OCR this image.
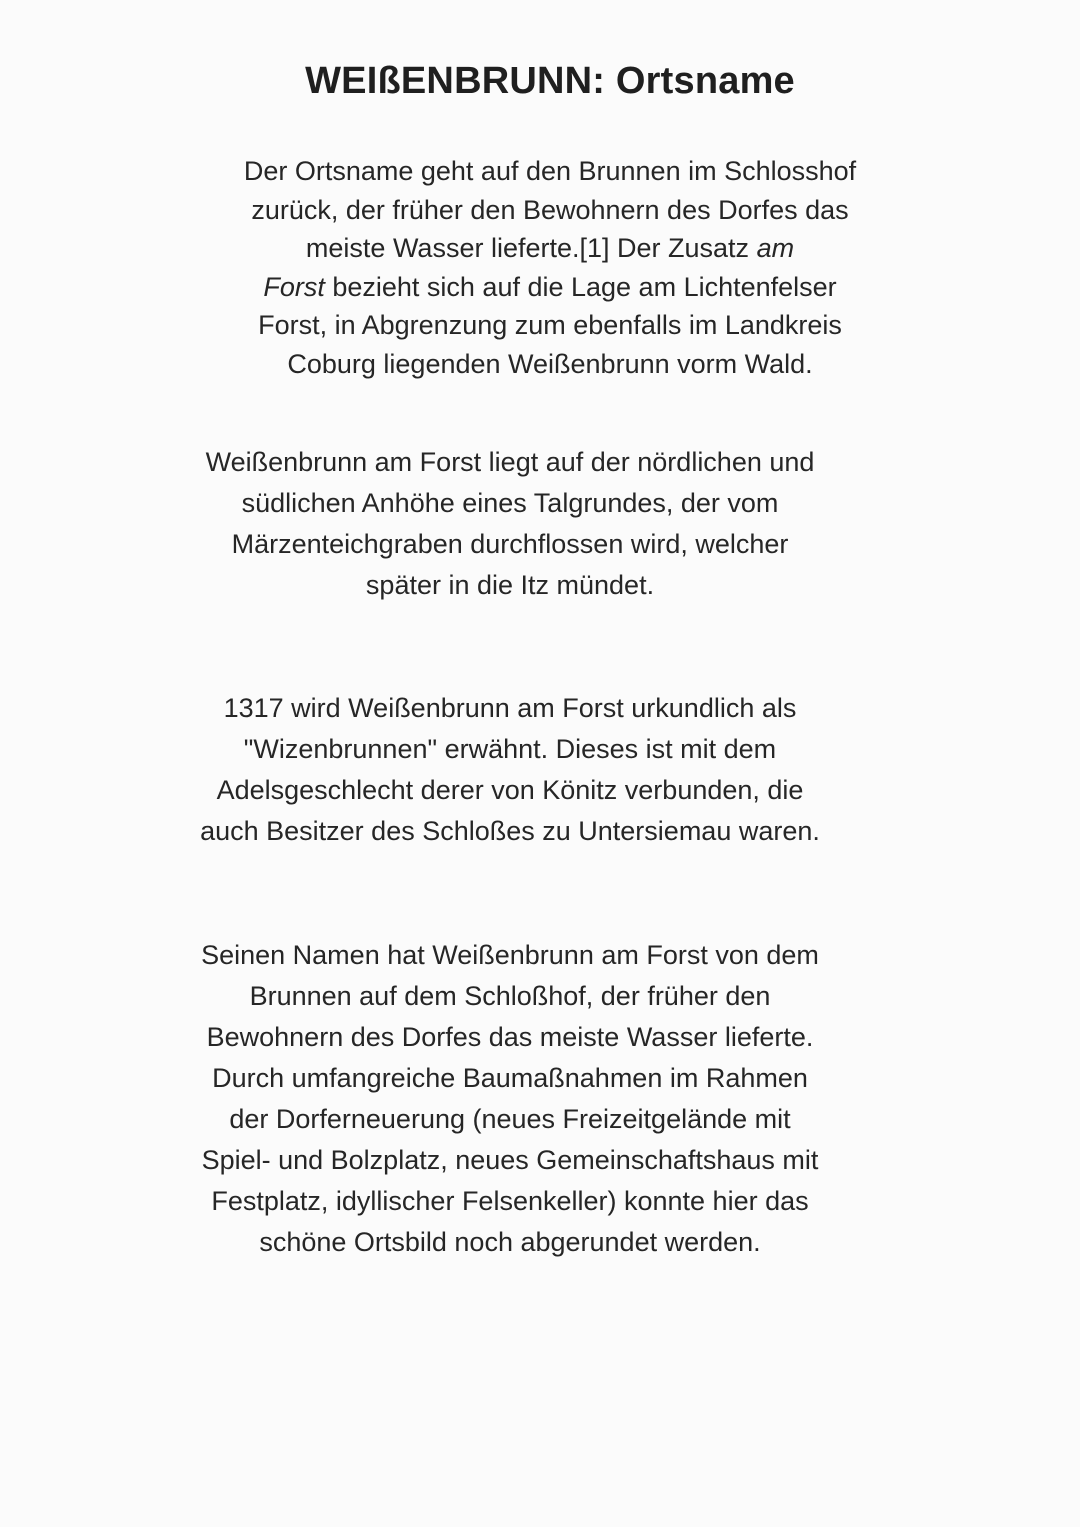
WEIßENBRUNN: Ortsname

Der Ortsname geht auf den Brunnen im Schlosshof
zurück, der früher den Bewohnern des Dorfes das
meiste Wasser lieferte.[1] Der Zusatz am
Forst bezieht sich auf die Lage am Lichtenfelser
Forst, in Abgrenzung zum ebenfalls im Landkreis
Coburg liegenden Weißenbrunn vorm Wald.

Weißenbrunn am Forst liegt auf der nördlichen und
südlichen Anhöhe eines Talgrundes, der vom
Märzenteichgraben durchflossen wird, welcher
später in die Itz mündet.

1317 wird Weißenbrunn am Forst urkundlich als
"Wizenbrunnen" erwähnt. Dieses ist mit dem
Adelsgeschlecht derer von Könitz verbunden, die
auch Besitzer des Schloßes zu Untersiemau waren.

Seinen Namen hat Weißenbrunn am Forst von dem
Brunnen auf dem Schloßhof, der früher den
Bewohnern des Dorfes das meiste Wasser lieferte.
Durch umfangreiche Baumaßnahmen im Rahmen
der Dorferneuerung (neues Freizeitgelände mit
Spiel- und Bolzplatz, neues Gemeinschaftshaus mit
Festplatz, idyllischer Felsenkeller) konnte hier das
schöne Ortsbild noch abgerundet werden.
